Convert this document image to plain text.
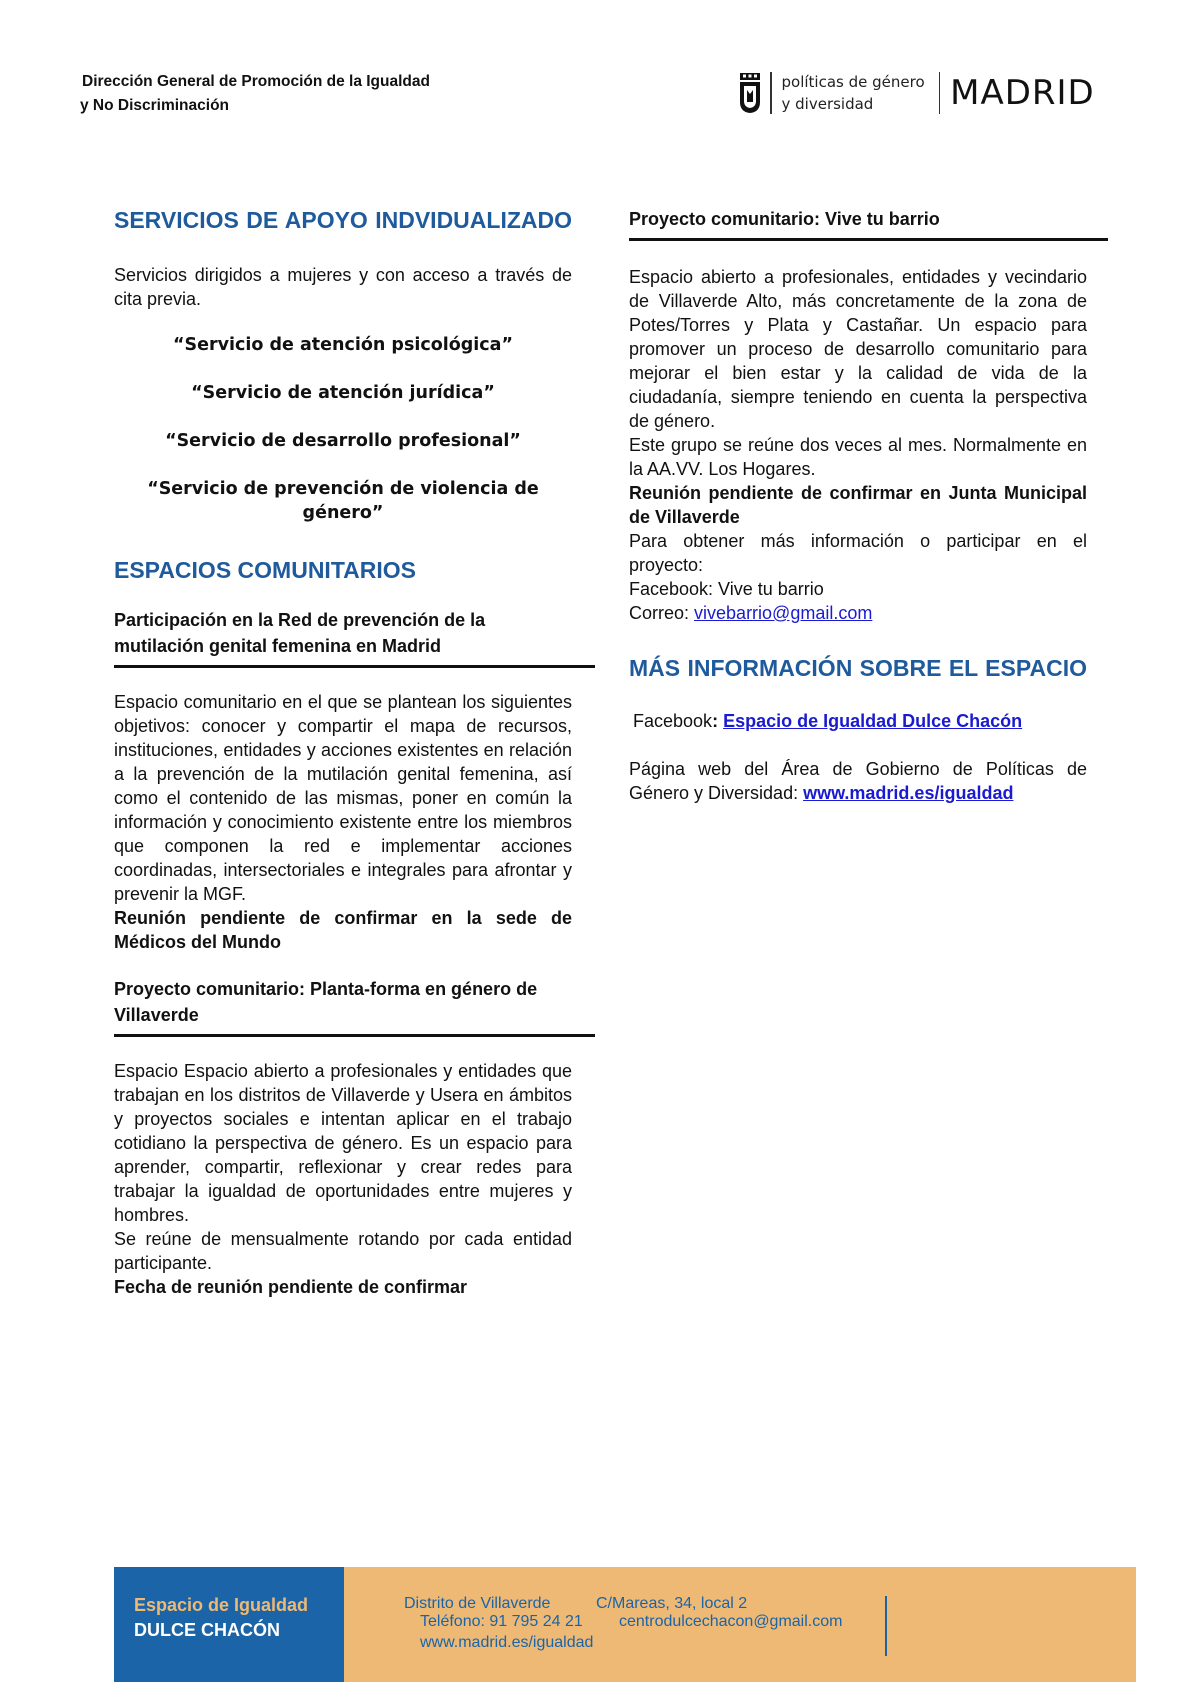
Dirección General de Promoción de la Igualdad
y No Discriminación
políticas de género
y diversidad	MADRID
SERVICIOS DE APOYO INDVIDUALIZADO
Servicios dirigidos a mujeres y con acceso a través de cita previa.
“Servicio de atención psicológica”
“Servicio de atención jurídica”
“Servicio de desarrollo profesional”
“Servicio de prevención de violencia de género”
ESPACIOS COMUNITARIOS
Participación en la Red de prevención de la mutilación genital femenina en Madrid
Espacio comunitario en el que se plantean los siguientes objetivos: conocer y compartir el mapa de recursos, instituciones, entidades y acciones existentes en relación a la prevención de la mutilación genital femenina, así como el contenido de las mismas, poner en común la información y conocimiento existente entre los miembros que componen la red e implementar acciones coordinadas, intersectoriales e integrales para afrontar y prevenir la MGF.
Reunión pendiente de confirmar en la sede de Médicos del Mundo
Proyecto comunitario: Planta-forma en género de Villaverde
Espacio Espacio abierto a profesionales y entidades que trabajan en los distritos de Villaverde y Usera en ámbitos y proyectos sociales e intentan aplicar en el trabajo cotidiano la perspectiva de género. Es un espacio para aprender, compartir, reflexionar y crear redes para trabajar la igualdad de oportunidades entre mujeres y hombres.
Se reúne de mensualmente rotando por cada entidad participante.
Fecha de reunión pendiente de confirmar
Proyecto comunitario: Vive tu barrio
Espacio abierto a profesionales, entidades y vecindario de Villaverde Alto, más concretamente de la zona de Potes/Torres y Plata y Castañar. Un espacio para promover un proceso de desarrollo comunitario para mejorar el bien estar y la calidad de vida de la ciudadanía, siempre teniendo en cuenta la perspectiva de género.
Este grupo se reúne dos veces al mes. Normalmente en la AA.VV. Los Hogares.
Reunión pendiente de confirmar en Junta Municipal de Villaverde
Para obtener más información o participar en el proyecto:
Facebook: Vive tu barrio
Correo: vivebarrio@gmail.com
MÁS INFORMACIÓN SOBRE EL ESPACIO
Facebook: Espacio de Igualdad Dulce Chacón
Página web del Área de Gobierno de Políticas de Género y Diversidad: www.madrid.es/igualdad
Espacio de Igualdad
DULCE CHACÓN
Distrito de Villaverde	C/Mareas, 34, local 2
Teléfono: 91 795 24 21 centrodulcechacon@gmail.com
www.madrid.es/igualdad
